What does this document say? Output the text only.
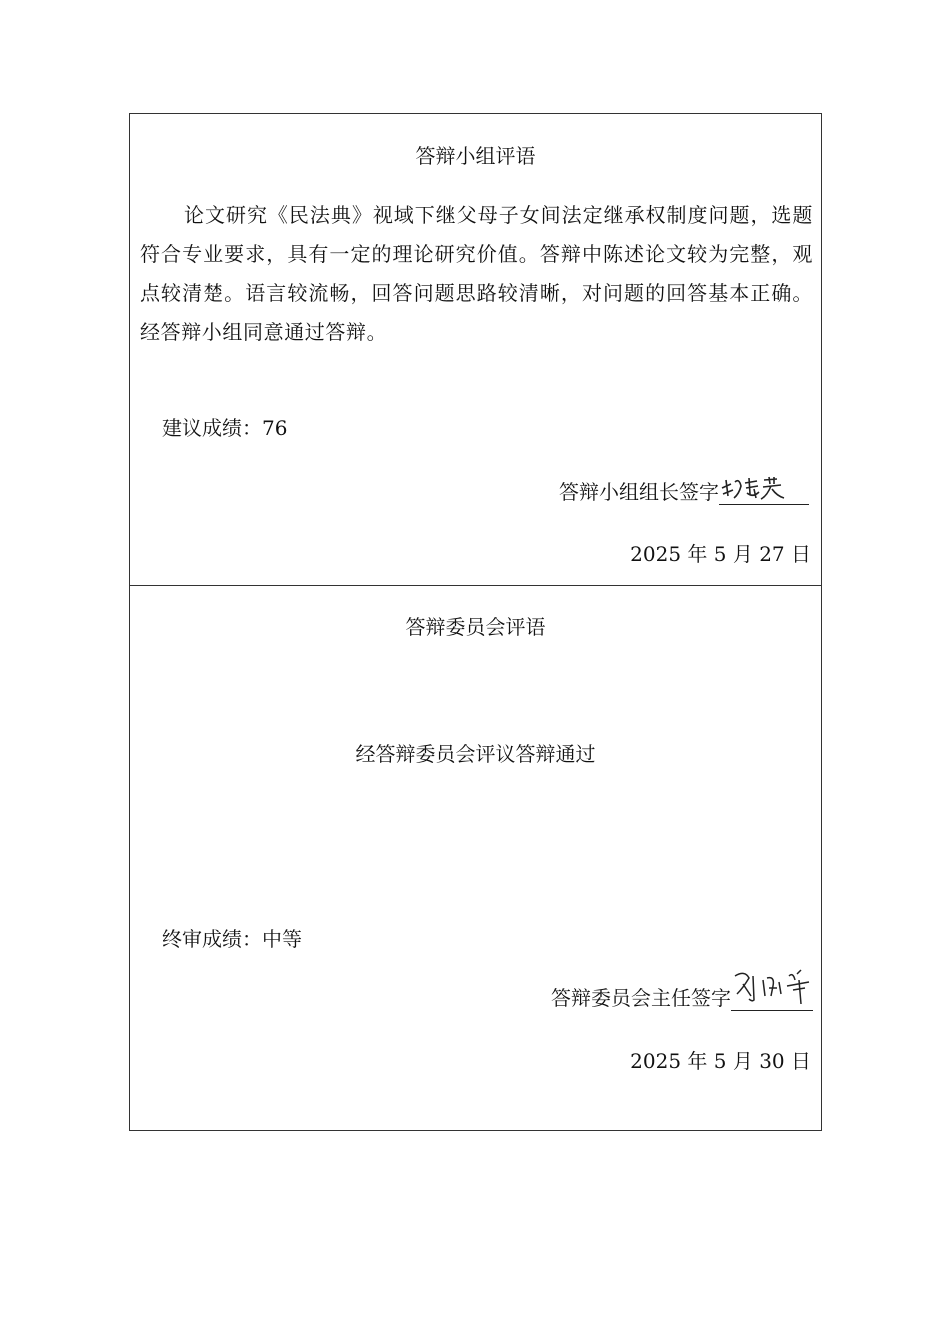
答辩小组评语
论文研究《民法典》视域下继父母子女间法定继承权制度问题，选题符合专业要求，具有一定的理论研究价值。答辩中陈述论文较为完整，观点较清楚。语言较流畅，回答问题思路较清晰，对问题的回答基本正确。经答辩小组同意通过答辩。
建议成绩：76
答辩小组组长签字
2025 年 5 月 27 日
答辩委员会评语
经答辩委员会评议答辩通过
终审成绩：中等
答辩委员会主任签字
2025 年 5 月 30 日
